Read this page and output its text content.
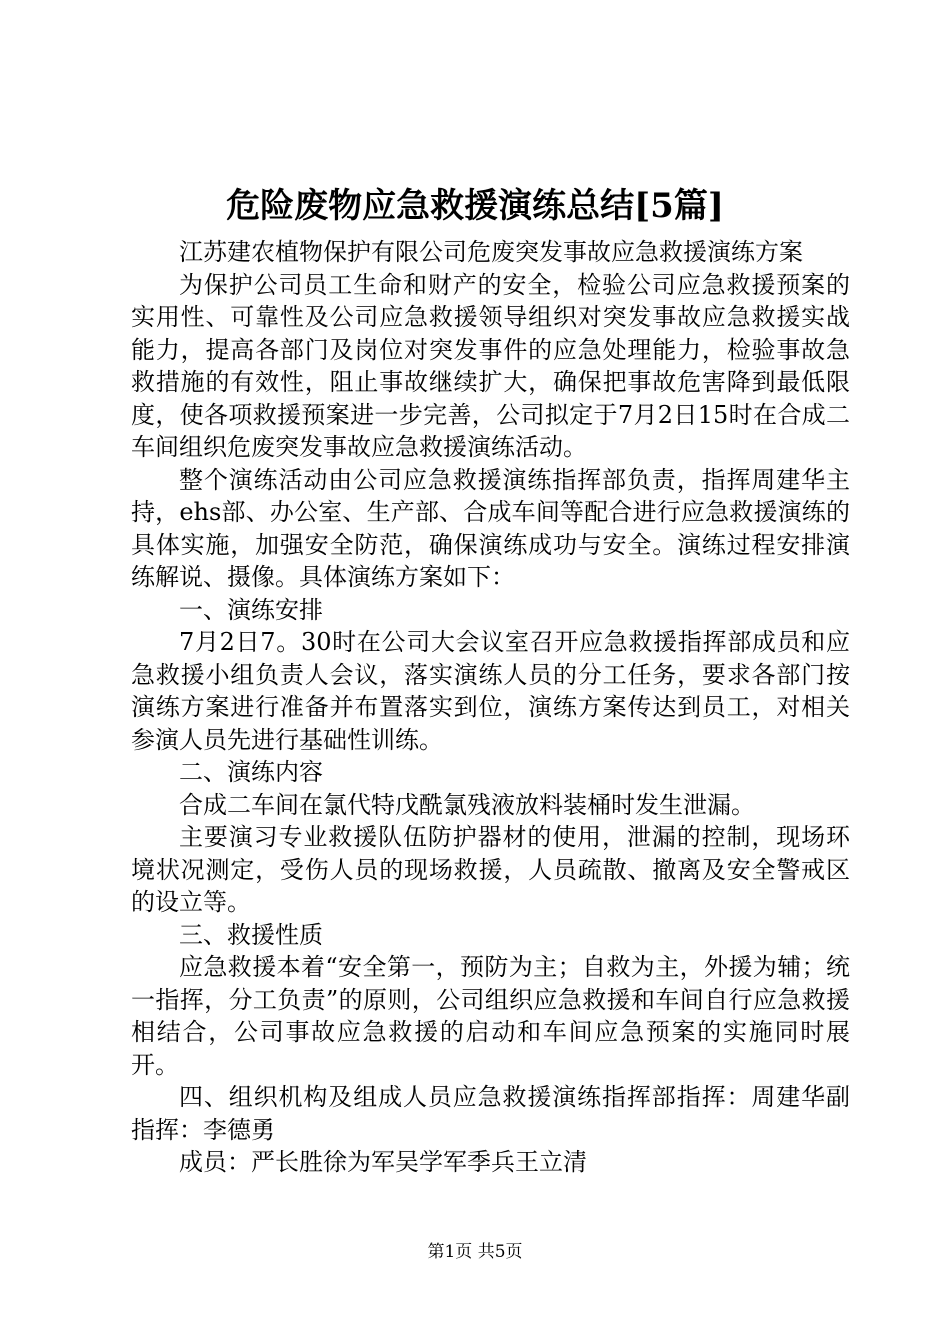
危险废物应急救援演练总结[5篇]

江苏建农植物保护有限公司危废突发事故应急救援演练方案

为保护公司员工生命和财产的安全，检验公司应急救援预案的实用性、可靠性及公司应急救援领导组织对突发事故应急救援实战能力，提高各部门及岗位对突发事件的应急处理能力，检验事故急救措施的有效性，阻止事故继续扩大，确保把事故危害降到最低限度，使各项救援预案进一步完善，公司拟定于7月2日15时在合成二车间组织危废突发事故应急救援演练活动。

整个演练活动由公司应急救援演练指挥部负责，指挥周建华主持，ehs部、办公室、生产部、合成车间等配合进行应急救援演练的具体实施，加强安全防范，确保演练成功与安全。演练过程安排演练解说、摄像。具体演练方案如下：

一、演练安排

7月2日7。30时在公司大会议室召开应急救援指挥部成员和应急救援小组负责人会议，落实演练人员的分工任务，要求各部门按演练方案进行准备并布置落实到位，演练方案传达到员工，对相关参演人员先进行基础性训练。

二、演练内容

合成二车间在氯代特戊酰氯残液放料装桶时发生泄漏。

主要演习专业救援队伍防护器材的使用，泄漏的控制，现场环境状况测定，受伤人员的现场救援，人员疏散、撤离及安全警戒区的设立等。

三、救援性质

应急救援本着“安全第一，预防为主；自救为主，外援为辅；统一指挥，分工负责”的原则，公司组织应急救援和车间自行应急救援相结合，公司事故应急救援的启动和车间应急预案的实施同时展开。

四、组织机构及组成人员应急救援演练指挥部指挥：周建华副指挥：李德勇

成员：严长胜徐为军吴学军季兵王立清

第1页 共5页
